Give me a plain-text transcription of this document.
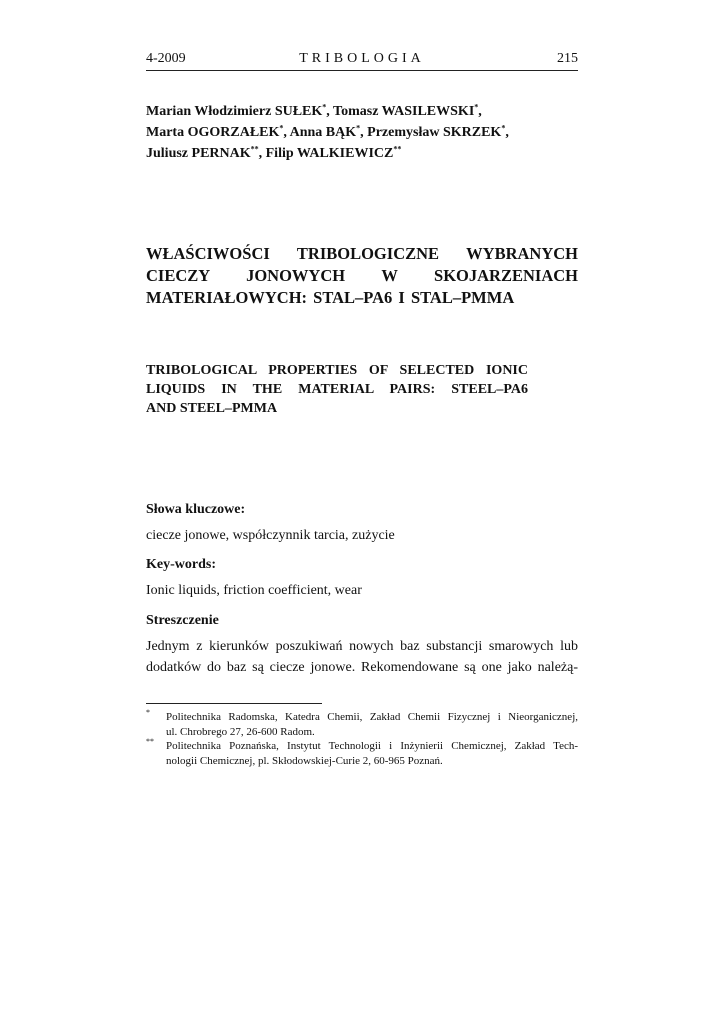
4-2009	TRIBOLOGIA	215
Marian Włodzimierz SUŁEK*, Tomasz WASILEWSKI*,
Marta OGORZAŁEK*, Anna BĄK*, Przemysław SKRZEK*,
Juliusz PERNAK**, Filip WALKIEWICZ**
WŁAŚCIWOŚCI TRIBOLOGICZNE WYBRANYCH
CIECZY JONOWYCH W SKOJARZENIACH
MATERIAŁOWYCH: STAL–PA6 I STAL–PMMA
TRIBOLOGICAL PROPERTIES OF SELECTED IONIC
LIQUIDS IN THE MATERIAL PAIRS: STEEL–PA6
AND STEEL–PMMA
Słowa kluczowe:
ciecze jonowe, współczynnik tarcia, zużycie
Key-words:
Ionic liquids, friction coefficient, wear
Streszczenie
Jednym z kierunków poszukiwań nowych baz substancji smarowych lub
dodatków do baz są ciecze jonowe. Rekomendowane są one jako należą-
* Politechnika Radomska, Katedra Chemii, Zakład Chemii Fizycznej i Nieorganicznej,
ul. Chrobrego 27, 26-600 Radom.
** Politechnika Poznańska, Instytut Technologii i Inżynierii Chemicznej, Zakład Tech-
nologii Chemicznej, pl. Skłodowskiej-Curie 2, 60-965 Poznań.
